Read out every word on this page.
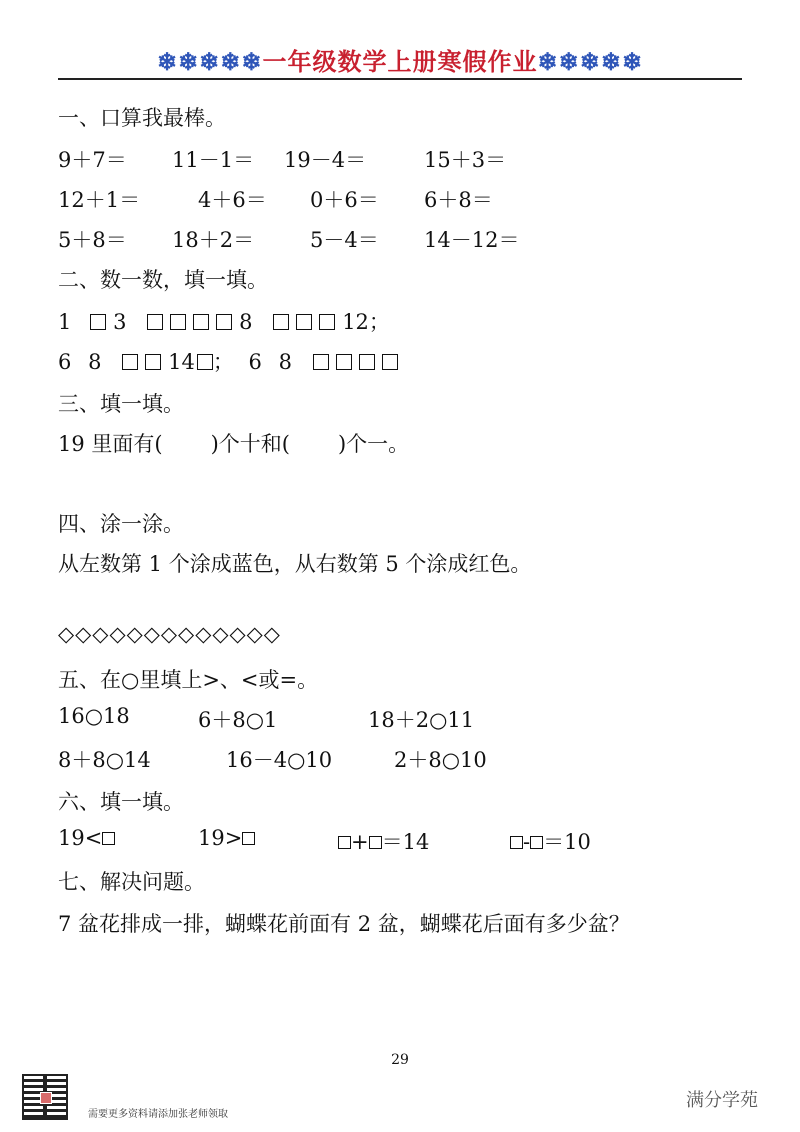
❄❄❄❄❄一年级数学上册寒假作业❄❄❄❄❄
一、口算我最棒。
9＋7＝ 11－1＝ 19－4＝	15＋3＝
12＋1＝	4＋6＝ 0＋6＝ 6＋8＝
5＋8＝ 18＋2＝	5－4＝ 14－12＝
二、数一数，填一填。
1 3	8	12；
6 8	14 ； 6 8
三、填一填。
19 里面有( )个十和( )个一。
四、涂一涂。
从左数第 1 个涂成蓝色，从右数第 5 个涂成红色。
◇◇◇◇◇◇◇◇◇◇◇◇◇
五、在○里填上>、<或=。
16○18	6＋8○1	18＋2○11
8＋8○14	16－4○10	2＋8○10
六、填一填。
19<	19>	+ ＝14	- ＝10
七、解决问题。
7 盆花排成一排，蝴蝶花前面有 2 盆，蝴蝶花后面有多少盆？
29
需要更多资料请添加张老师领取
满分学苑
